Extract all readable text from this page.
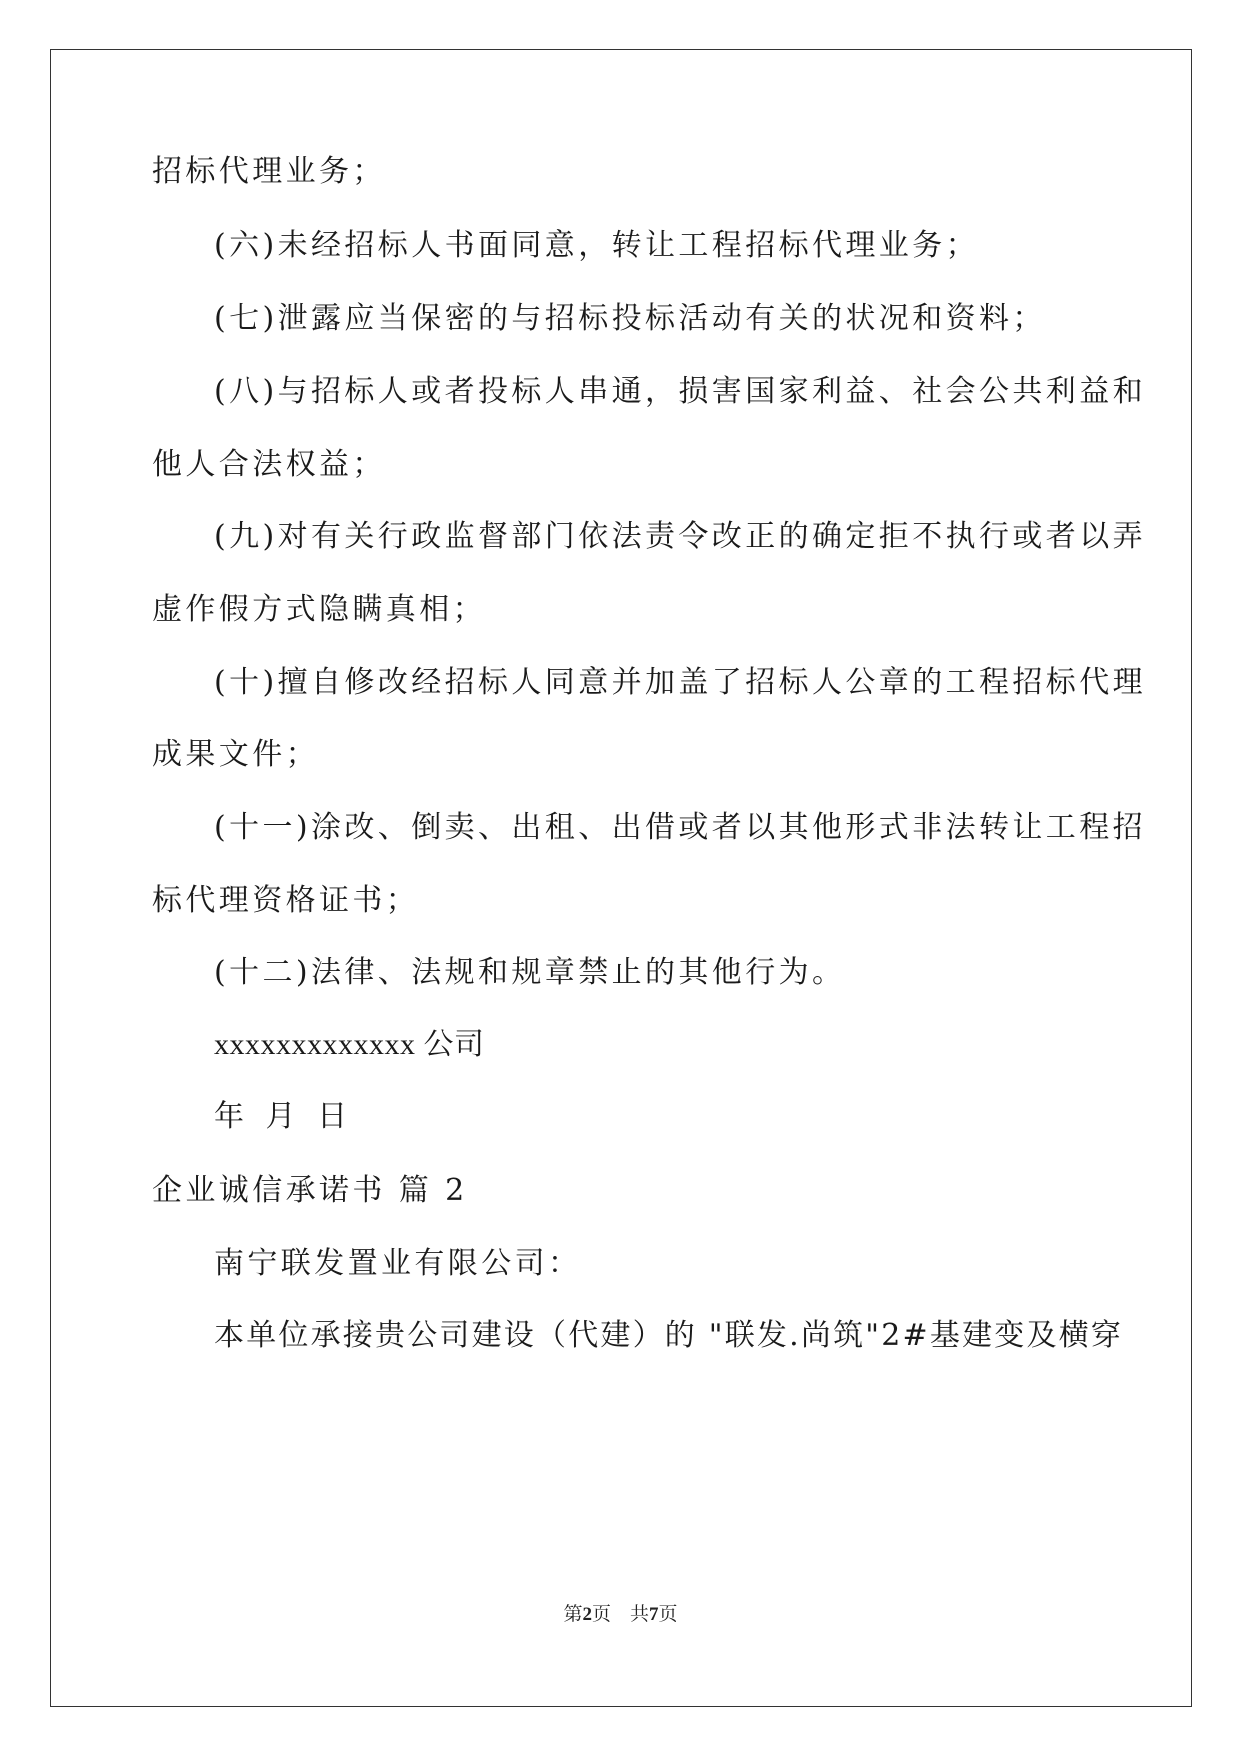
招标代理业务；

(六)未经招标人书面同意，转让工程招标代理业务；

(七)泄露应当保密的与招标投标活动有关的状况和资料；

(八)与招标人或者投标人串通，损害国家利益、社会公共利益和

他人合法权益；

(九)对有关行政监督部门依法责令改正的确定拒不执行或者以弄

虚作假方式隐瞒真相；

(十)擅自修改经招标人同意并加盖了招标人公章的工程招标代理

成果文件；

(十一)涂改、倒卖、出租、出借或者以其他形式非法转让工程招

标代理资格证书；

(十二)法律、法规和规章禁止的其他行为。

xxxxxxxxxxxxx 公司

年 月 日

企业诚信承诺书 篇 2

南宁联发置业有限公司：

本单位承接贵公司建设（代建）的 "联发.尚筑"2#基建变及横穿

第2页　共7页
